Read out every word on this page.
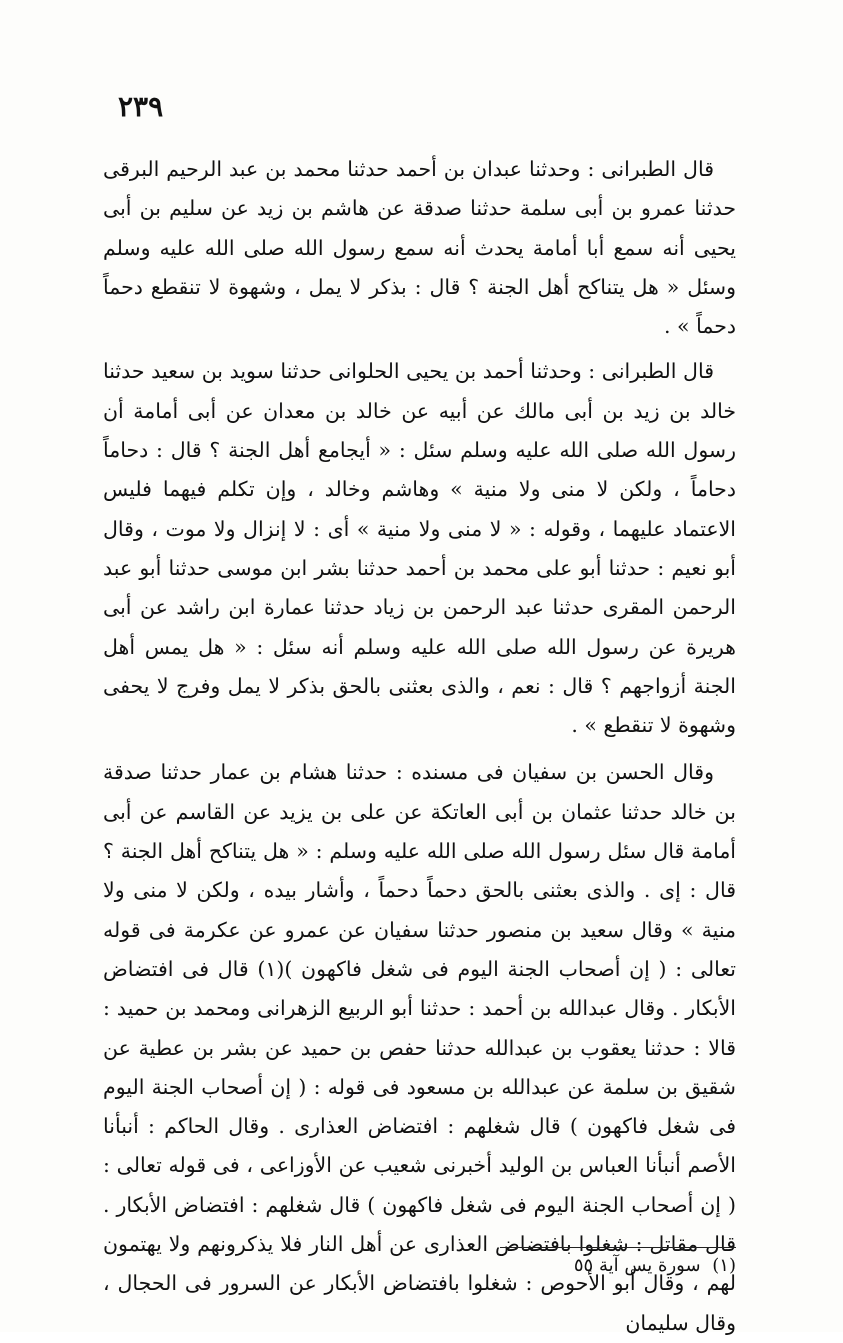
٢٣٩

قال الطبرانى : وحدثنا عبدان بن أحمد حدثنا محمد بن عبد الرحيم البرقى حدثنا عمرو بن أبى سلمة حدثنا صدقة عن هاشم بن زيد عن سليم بن أبى يحيى أنه سمع أبا أمامة يحدث أنه سمع رسول الله صلى الله عليه وسلم وسئل « هل يتناكح أهل الجنة ؟ قال : بذكر لا يمل ، وشهوة لا تنقطع دحماً دحماً » .

قال الطبرانى : وحدثنا أحمد بن يحيى الحلوانى حدثنا سويد بن سعيد حدثنا خالد بن زيد بن أبى مالك عن أبيه عن خالد بن معدان عن أبى أمامة أن رسول الله صلى الله عليه وسلم سئل : « أيجامع أهل الجنة ؟ قال : دحاماً دحاماً ، ولكن لا منى ولا منية » وهاشم وخالد ، وإن تكلم فيهما فليس الاعتماد عليهما ، وقوله : « لا منى ولا منية » أى : لا إنزال ولا موت ، وقال أبو نعيم : حدثنا أبو على محمد بن أحمد حدثنا بشر ابن موسى حدثنا أبو عبد الرحمن المقرى حدثنا عبد الرحمن بن زياد حدثنا عمارة ابن راشد عن أبى هريرة عن رسول الله صلى الله عليه وسلم أنه سئل : « هل يمس أهل الجنة أزواجهم ؟ قال : نعم ، والذى بعثنى بالحق بذكر لا يمل وفرج لا يحفى وشهوة لا تنقطع » .

وقال الحسن بن سفيان فى مسنده : حدثنا هشام بن عمار حدثنا صدقة بن خالد حدثنا عثمان بن أبى العاتكة عن على بن يزيد عن القاسم عن أبى أمامة قال سئل رسول الله صلى الله عليه وسلم : « هل يتناكح أهل الجنة ؟ قال : إى . والذى بعثنى بالحق دحماً دحماً ، وأشار بيده ، ولكن لا منى ولا منية » وقال سعيد بن منصور حدثنا سفيان عن عمرو عن عكرمة فى قوله تعالى : ( إن أصحاب الجنة اليوم فى شغل فاكهون )(١) قال فى افتضاض الأبكار . وقال عبدالله بن أحمد : حدثنا أبو الربيع الزهرانى ومحمد بن حميد : قالا : حدثنا يعقوب بن عبدالله حدثنا حفص بن حميد عن بشر بن عطية عن شقيق بن سلمة عن عبدالله بن مسعود فى قوله : ( إن أصحاب الجنة اليوم فى شغل فاكهون ) قال شغلهم : افتضاض العذارى . وقال الحاكم : أنبأنا الأصم أنبأنا العباس بن الوليد أخبرنى شعيب عن الأوزاعى ، فى قوله تعالى : ( إن أصحاب الجنة اليوم فى شغل فاكهون ) قال شغلهم : افتضاض الأبكار . قال مقاتل : شغلوا بافتضاض العذارى عن أهل النار فلا يذكرونهم ولا يهتمون لهم ، وقال أبو الأحوص : شغلوا بافتضاض الأبكار عن السرور فى الحجال ، وقال سليمان

(١) سورة يس آية ٥٥
